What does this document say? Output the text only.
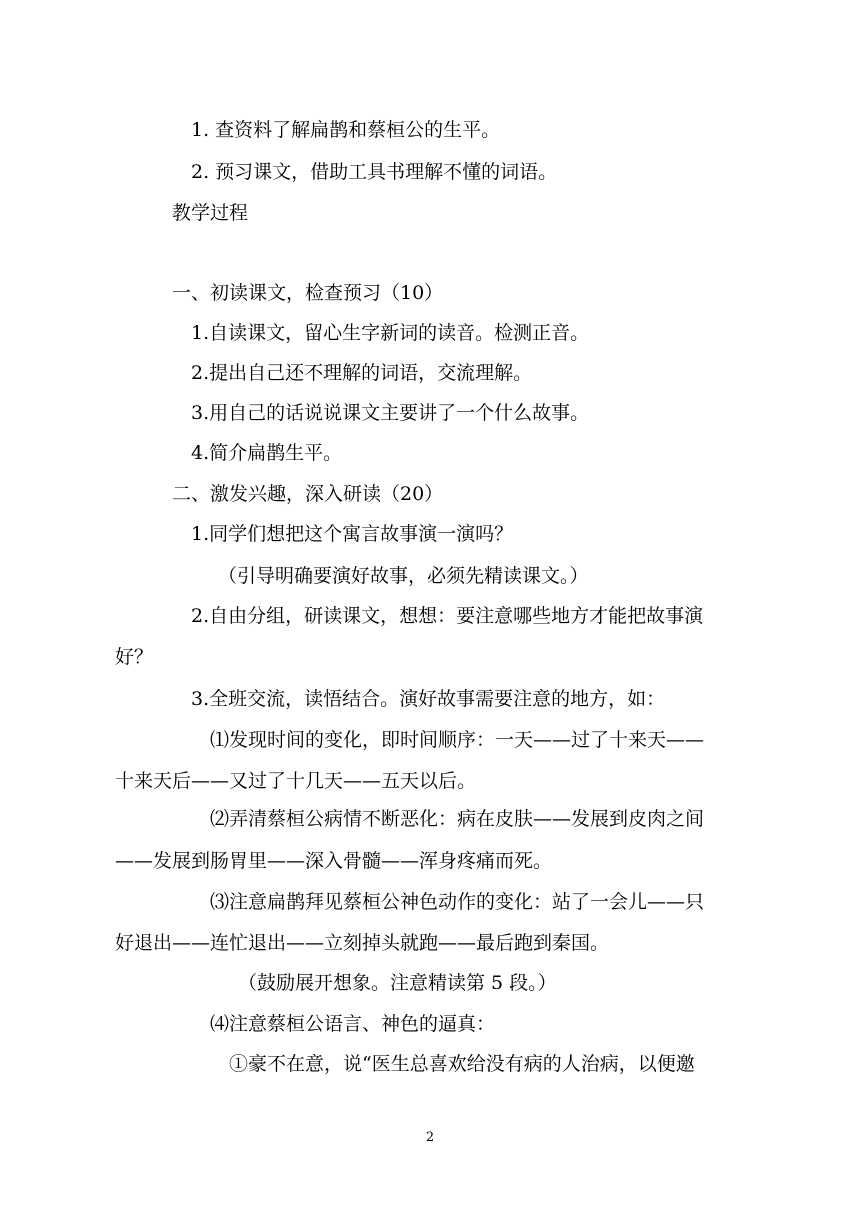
1. 查资料了解扁鹊和蔡桓公的生平。
2. 预习课文，借助工具书理解不懂的词语。
教学过程
一、初读课文，检查预习（10）
1.自读课文，留心生字新词的读音。检测正音。
2.提出自己还不理解的词语，交流理解。
3.用自己的话说说课文主要讲了一个什么故事。
4.简介扁鹊生平。
二、激发兴趣，深入研读（20）
1.同学们想把这个寓言故事演一演吗？
（引导明确要演好故事，必须先精读课文。）
2.自由分组，研读课文，想想：要注意哪些地方才能把故事演
好？
3.全班交流，读悟结合。演好故事需要注意的地方，如：
⑴发现时间的变化，即时间顺序：一天——过了十来天——
十来天后——又过了十几天——五天以后。
⑵弄清蔡桓公病情不断恶化：病在皮肤——发展到皮肉之间
——发展到肠胃里——深入骨髓——浑身疼痛而死。
⑶注意扁鹊拜见蔡桓公神色动作的变化：站了一会儿——只
好退出——连忙退出——立刻掉头就跑——最后跑到秦国。
（鼓励展开想象。注意精读第 5 段。）
⑷注意蔡桓公语言、神色的逼真：
①豪不在意，说“医生总喜欢给没有病的人治病，以便邀
2
